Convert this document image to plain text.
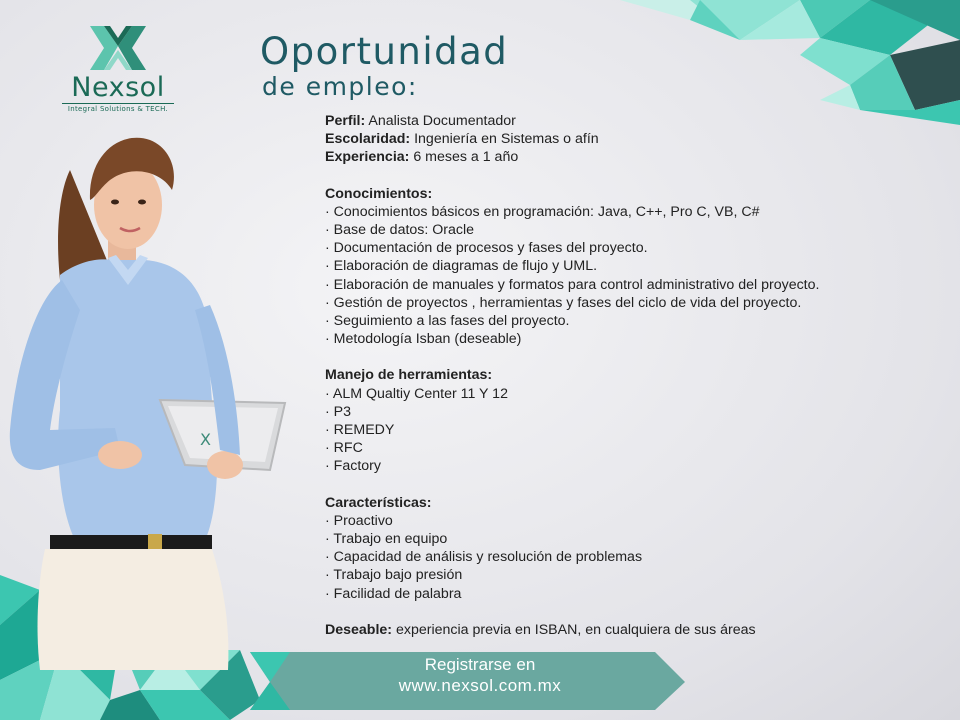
X
Nexsol
Integral Solutions & TECH.
Oportunidad
de empleo:
Perfil: Analista Documentador
Escolaridad: Ingeniería en Sistemas o afín
Experiencia: 6 meses a 1 año
Conocimientos:
· Conocimientos básicos en programación: Java, C++, Pro C, VB, C#
· Base de datos: Oracle
· Documentación de procesos y fases del proyecto.
· Elaboración de diagramas de flujo y UML.
· Elaboración de manuales y formatos para control administrativo del proyecto.
· Gestión de proyectos , herramientas y fases del ciclo de vida del proyecto.
· Seguimiento a las fases del proyecto.
· Metodología Isban (deseable)
Manejo de herramientas:
· ALM Qualtiy Center 11 Y 12
· P3
· REMEDY
· RFC
· Factory
Características:
· Proactivo
· Trabajo en equipo
· Capacidad de análisis y resolución de problemas
· Trabajo bajo presión
· Facilidad de palabra
Deseable: experiencia previa en ISBAN, en cualquiera de sus áreas
Registrarse en
www.nexsol.com.mx
